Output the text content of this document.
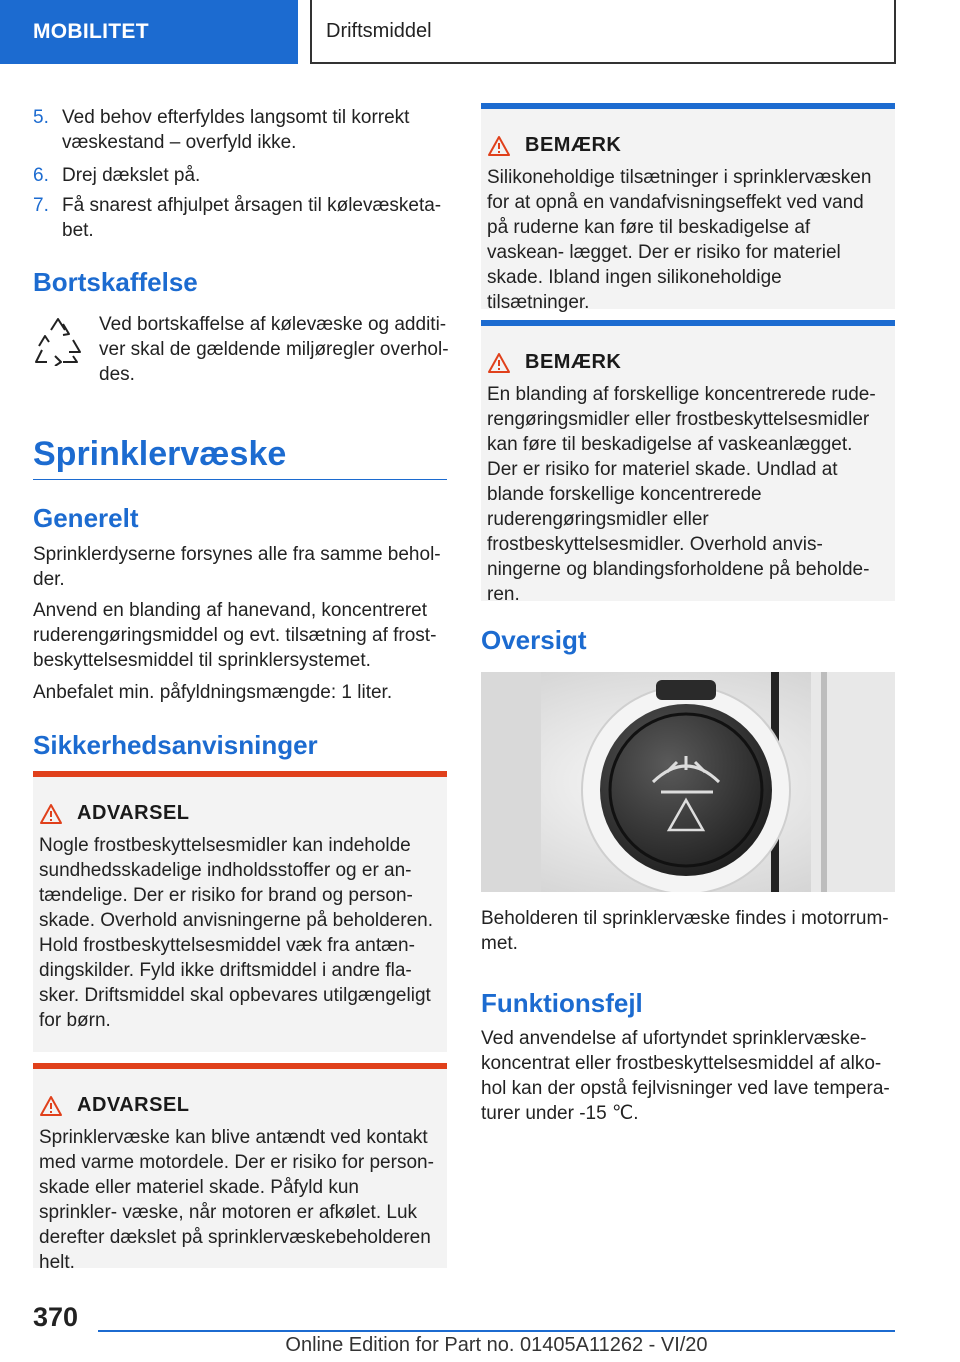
MOBILITET	Driftsmiddel
5. Ved behov efterfyldes langsomt til korrekt væskestand – overfyld ikke.
6. Drej dækslet på.
7. Få snarest afhjulpet årsagen til kølevæsketa- bet.
Bortskaffelse
Ved bortskaffelse af kølevæske og additi- ver skal de gældende miljøregler overhol- des.
Sprinklervæske
Generelt
Sprinklerdyserne forsynes alle fra samme behol- der.
Anvend en blanding af hanevand, koncentreret ruderengøringsmiddel og evt. tilsætning af frost- beskyttelsesmiddel til sprinklersystemet.
Anbefalet min. påfyldningsmængde: 1 liter.
Sikkerhedsanvisninger
ADVARSEL
Nogle frostbeskyttelsesmidler kan indeholde sundhedsskadelige indholdsstoffer og er an- tændelige. Der er risiko for brand og person- skade. Overhold anvisningerne på beholderen. Hold frostbeskyttelsesmiddel væk fra antæn- dingskilder. Fyld ikke driftsmiddel i andre fla- sker. Driftsmiddel skal opbevares utilgængeligt for børn.
ADVARSEL
Sprinklervæske kan blive antændt ved kontakt med varme motordele. Der er risiko for person- skade eller materiel skade. Påfyld kun sprinkler- væske, når motoren er afkølet. Luk derefter dækslet på sprinklervæskebeholderen helt.
BEMÆRK
Silikoneholdige tilsætninger i sprinklervæsken for at opnå en vandafvisningseffekt ved vand på ruderne kan føre til beskadigelse af vaskean- lægget. Der er risiko for materiel skade. Ibland ingen silikoneholdige tilsætninger.
BEMÆRK
En blanding af forskellige koncentrerede rude- rengøringsmidler eller frostbeskyttelsesmidler kan føre til beskadigelse af vaskeanlægget. Der er risiko for materiel skade. Undlad at blande forskellige koncentrerede ruderengøringsmidler eller frostbeskyttelsesmidler. Overhold anvis- ningerne og blandingsforholdene på beholde- ren.
Oversigt
Beholderen til sprinklervæske findes i motorrum- met.
Funktionsfejl
Ved anvendelse af ufortyndet sprinklervæske- koncentrat eller frostbeskyttelsesmiddel af alko- hol kan der opstå fejlvisninger ved lave tempera- turer under -15 ℃.
370
Online Edition for Part no. 01405A11262 - VI/20
